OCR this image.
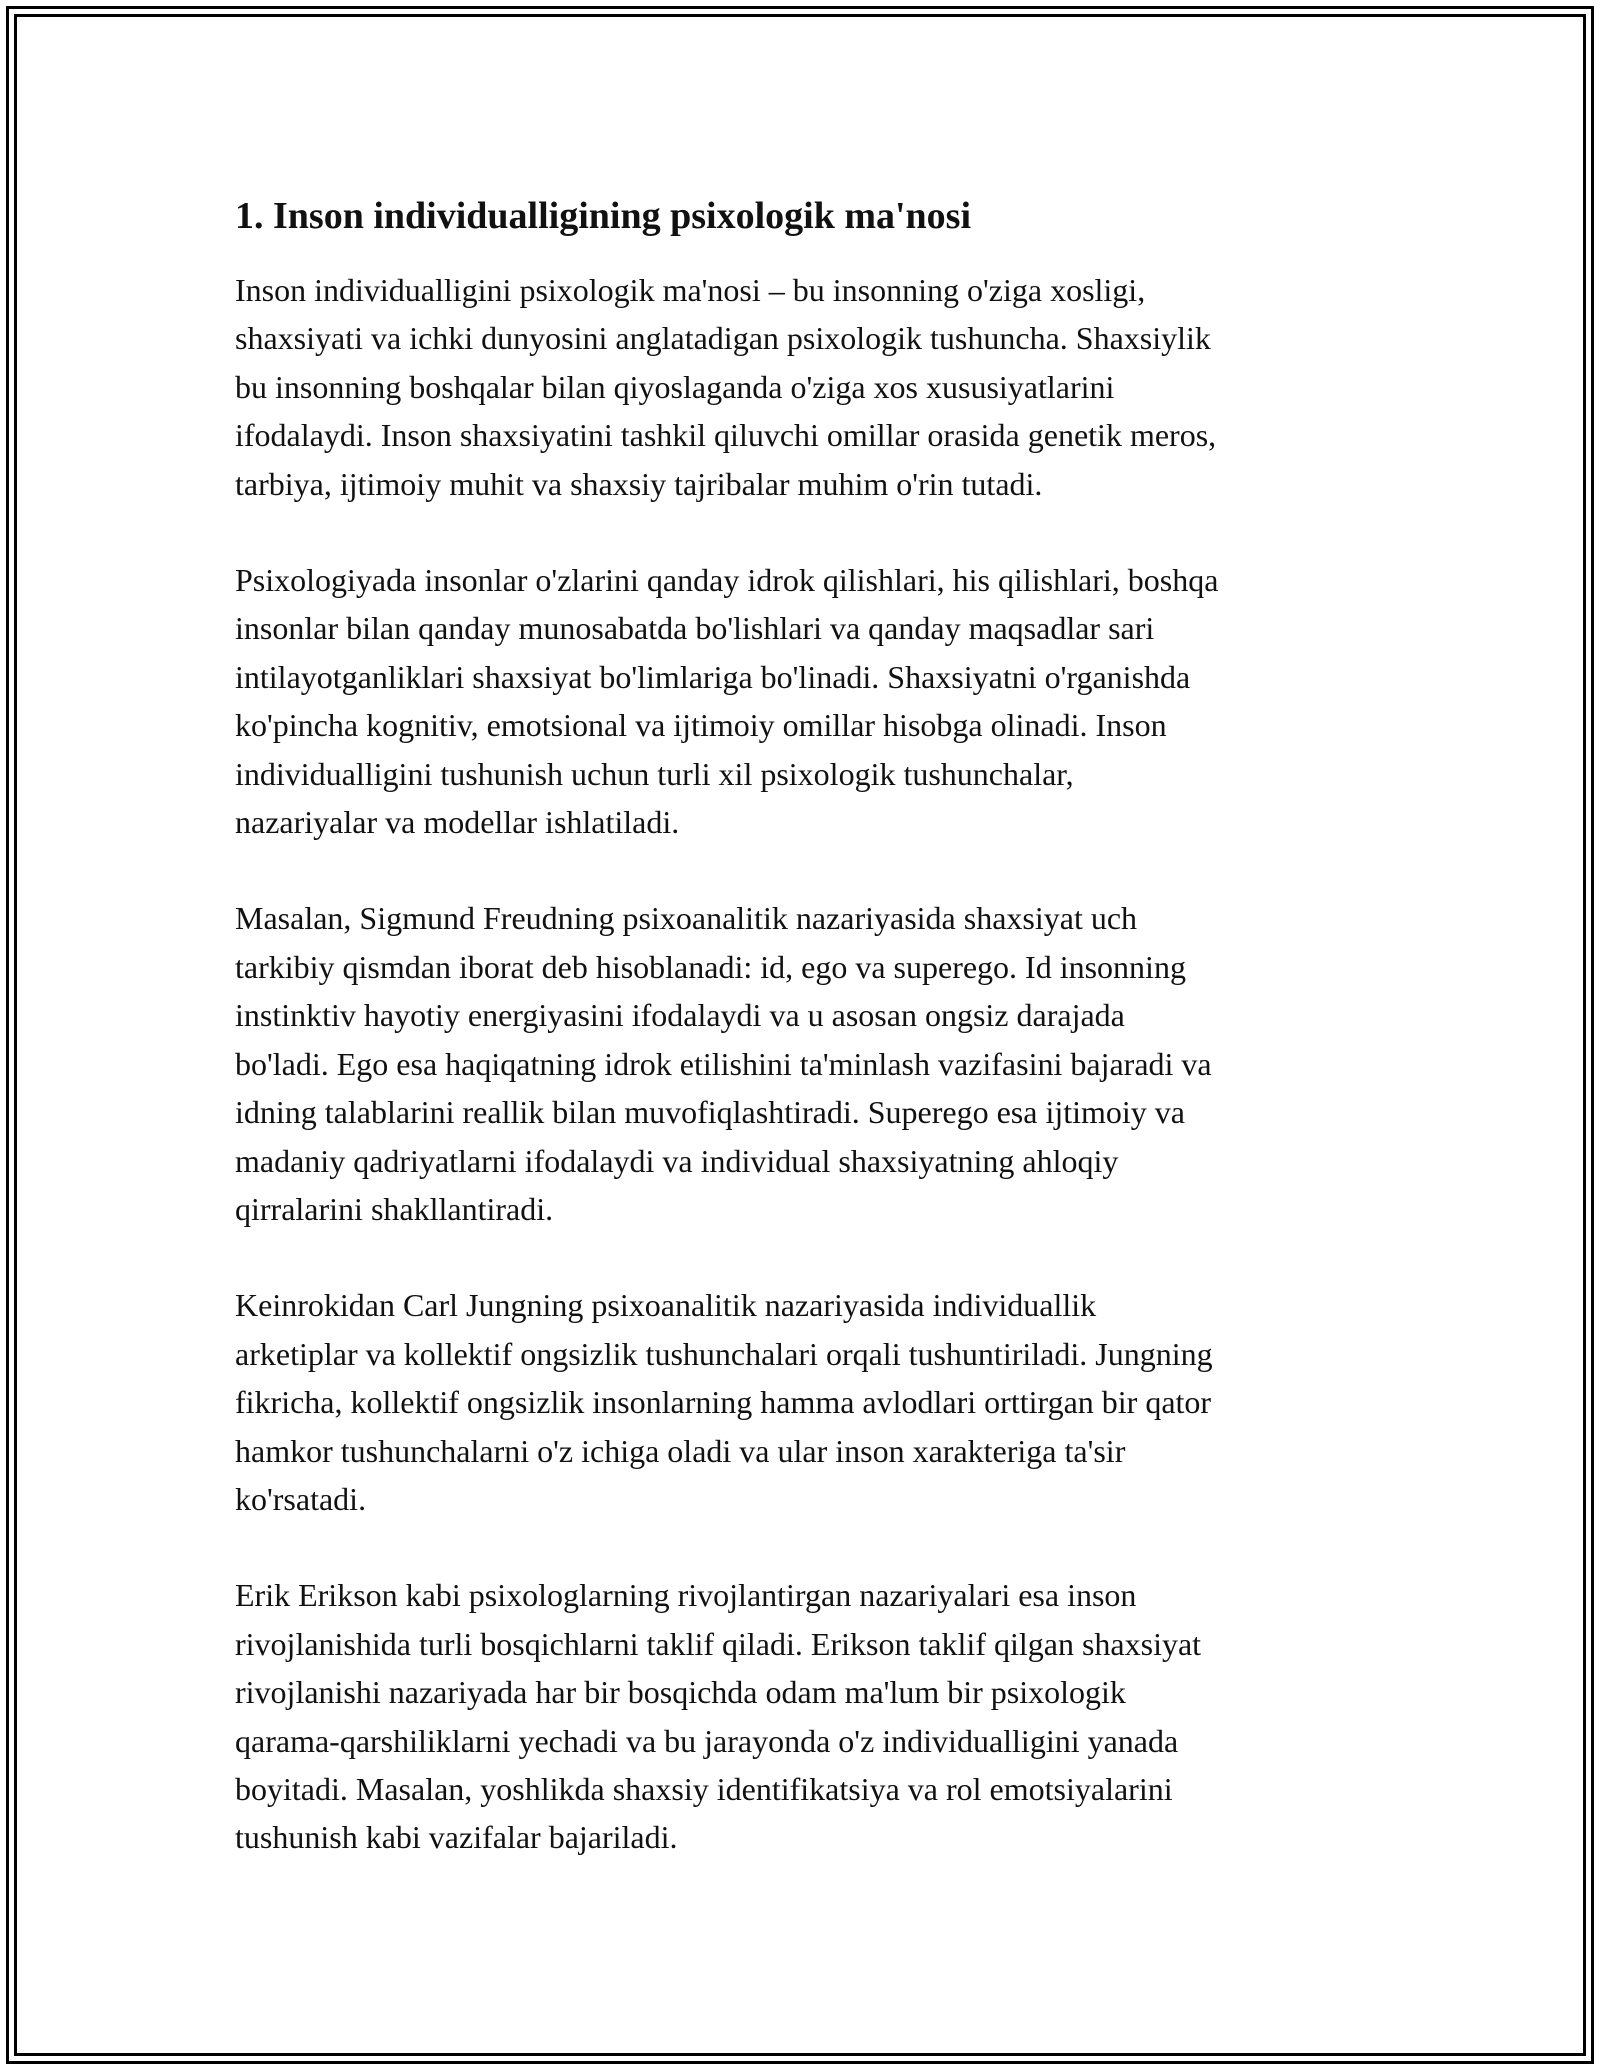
1. Inson individualligining psixologik ma'nosi

Inson individualligini psixologik ma'nosi – bu insonning o'ziga xosligi,
shaxsiyati va ichki dunyosini anglatadigan psixologik tushuncha. Shaxsiylik
bu insonning boshqalar bilan qiyoslaganda o'ziga xos xususiyatlarini
ifodalaydi. Inson shaxsiyatini tashkil qiluvchi omillar orasida genetik meros,
tarbiya, ijtimoiy muhit va shaxsiy tajribalar muhim o'rin tutadi.

Psixologiyada insonlar o'zlarini qanday idrok qilishlari, his qilishlari, boshqa
insonlar bilan qanday munosabatda bo'lishlari va qanday maqsadlar sari
intilayotganliklari shaxsiyat bo'limlariga bo'linadi. Shaxsiyatni o'rganishda
ko'pincha kognitiv, emotsional va ijtimoiy omillar hisobga olinadi. Inson
individualligini tushunish uchun turli xil psixologik tushunchalar,
nazariyalar va modellar ishlatiladi.

Masalan, Sigmund Freudning psixoanalitik nazariyasida shaxsiyat uch
tarkibiy qismdan iborat deb hisoblanadi: id, ego va superego. Id insonning
instinktiv hayotiy energiyasini ifodalaydi va u asosan ongsiz darajada
bo'ladi. Ego esa haqiqatning idrok etilishini ta'minlash vazifasini bajaradi va
idning talablarini reallik bilan muvofiqlashtiradi. Superego esa ijtimoiy va
madaniy qadriyatlarni ifodalaydi va individual shaxsiyatning ahloqiy
qirralarini shakllantiradi.

Keinrokidan Carl Jungning psixoanalitik nazariyasida individuallik
arketiplar va kollektif ongsizlik tushunchalari orqali tushuntiriladi. Jungning
fikricha, kollektif ongsizlik insonlarning hamma avlodlari orttirgan bir qator
hamkor tushunchalarni o'z ichiga oladi va ular inson xarakteriga ta'sir
ko'rsatadi.

Erik Erikson kabi psixologlarning rivojlantirgan nazariyalari esa inson
rivojlanishida turli bosqichlarni taklif qiladi. Erikson taklif qilgan shaxsiyat
rivojlanishi nazariyada har bir bosqichda odam ma'lum bir psixologik
qarama-qarshiliklarni yechadi va bu jarayonda o'z individualligini yanada
boyitadi. Masalan, yoshlikda shaxsiy identifikatsiya va rol emotsiyalarini
tushunish kabi vazifalar bajariladi.
